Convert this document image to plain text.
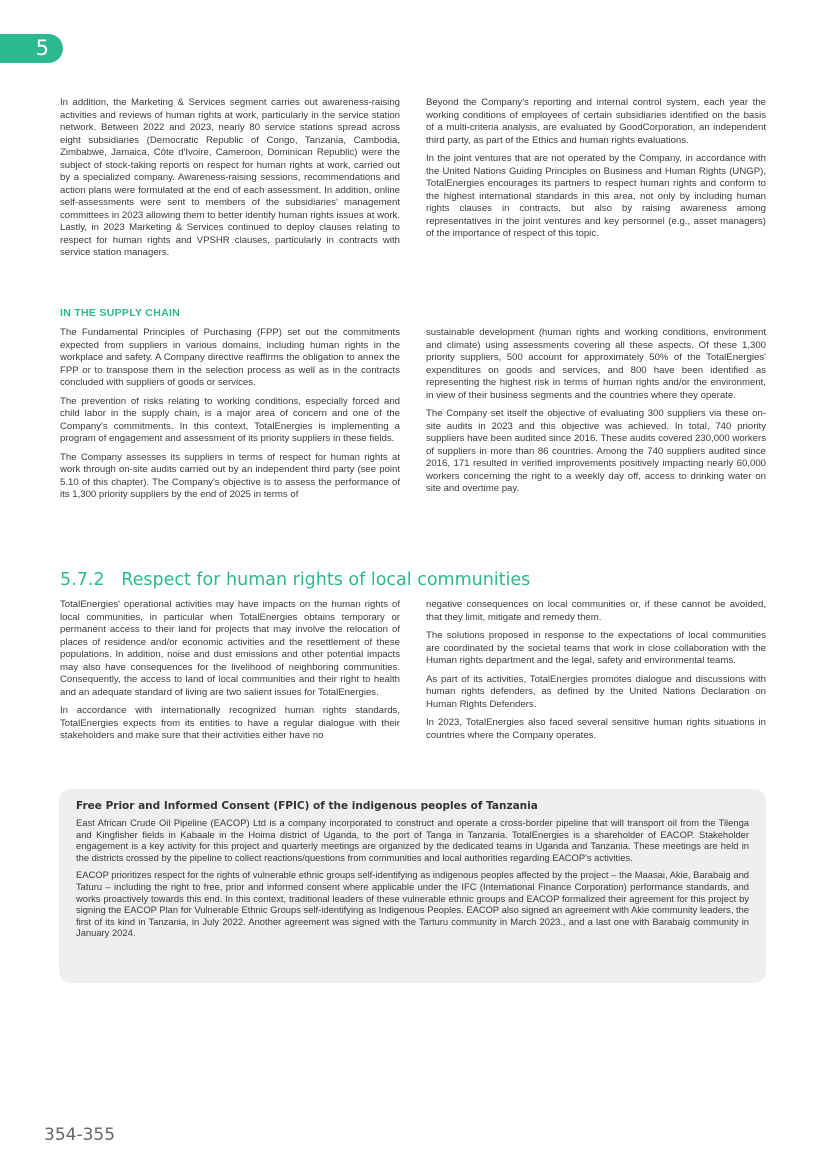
5

In addition, the Marketing & Services segment carries out awareness-raising activities and reviews of human rights at work, particularly in the service station network. Between 2022 and 2023, nearly 80 service stations spread across eight subsidiaries (Democratic Republic of Congo, Tanzania, Cambodia, Zimbabwe, Jamaica, Côte d'Ivoire, Cameroon, Dominican Republic) were the subject of stock-taking reports on respect for human rights at work, carried out by a specialized company. Awareness-raising sessions, recommendations and action plans were formulated at the end of each assessment. In addition, online self-assessments were sent to members of the subsidiaries' management committees in 2023 allowing them to better identify human rights issues at work. Lastly, in 2023 Marketing & Services continued to deploy clauses relating to respect for human rights and VPSHR clauses, particularly in contracts with service station managers.

Beyond the Company's reporting and internal control system, each year the working conditions of employees of certain subsidiaries identified on the basis of a multi-criteria analysis, are evaluated by GoodCorporation, an independent third party, as part of the Ethics and human rights evaluations.

In the joint ventures that are not operated by the Company, in accordance with the United Nations Guiding Principles on Business and Human Rights (UNGP), TotalEnergies encourages its partners to respect human rights and conform to the highest international standards in this area, not only by including human rights clauses in contracts, but also by raising awareness among representatives in the joint ventures and key personnel (e.g., asset managers) of the importance of respect of this topic.

IN THE SUPPLY CHAIN

The Fundamental Principles of Purchasing (FPP) set out the commitments expected from suppliers in various domains, including human rights in the workplace and safety. A Company directive reaffirms the obligation to annex the FPP or to transpose them in the selection process as well as in the contracts concluded with suppliers of goods or services.

The prevention of risks relating to working conditions, especially forced and child labor in the supply chain, is a major area of concern and one of the Company's commitments. In this context, TotalEnergies is implementing a program of engagement and assessment of its priority suppliers in these fields.

The Company assesses its suppliers in terms of respect for human rights at work through on-site audits carried out by an independent third party (see point 5.10 of this chapter). The Company's objective is to assess the performance of its 1,300 priority suppliers by the end of 2025 in terms of

sustainable development (human rights and working conditions, environment and climate) using assessments covering all these aspects. Of these 1,300 priority suppliers, 500 account for approximately 50% of the TotalEnergies' expenditures on goods and services, and 800 have been identified as representing the highest risk in terms of human rights and/or the environment, in view of their business segments and the countries where they operate.

The Company set itself the objective of evaluating 300 suppliers via these on-site audits in 2023 and this objective was achieved. In total, 740 priority suppliers have been audited since 2016. These audits covered 230,000 workers of suppliers in more than 86 countries. Among the 740 suppliers audited since 2016, 171 resulted in verified improvements positively impacting nearly 60,000 workers concerning the right to a weekly day off, access to drinking water on site and overtime pay.

5.7.2   Respect for human rights of local communities

TotalEnergies' operational activities may have impacts on the human rights of local communities, in particular when TotalEnergies obtains temporary or permanent access to their land for projects that may involve the relocation of places of residence and/or economic activities and the resettlement of these populations. In addition, noise and dust emissions and other potential impacts may also have consequences for the livelihood of neighboring communities. Consequently, the access to land of local communities and their right to health and an adequate standard of living are two salient issues for TotalEnergies.

In accordance with internationally recognized human rights standards, TotalEnergies expects from its entities to have a regular dialogue with their stakeholders and make sure that their activities either have no

negative consequences on local communities or, if these cannot be avoided, that they limit, mitigate and remedy them.

The solutions proposed in response to the expectations of local communities are coordinated by the societal teams that work in close collaboration with the Human rights department and the legal, safety and environmental teams.

As part of its activities, TotalEnergies promotes dialogue and discussions with human rights defenders, as defined by the United Nations Declaration on Human Rights Defenders.

In 2023, TotalEnergies also faced several sensitive human rights situations in countries where the Company operates.

Free Prior and Informed Consent (FPIC) of the indigenous peoples of Tanzania

East African Crude Oil Pipeline (EACOP) Ltd is a company incorporated to construct and operate a cross-border pipeline that will transport oil from the Tilenga and Kingfisher fields in Kabaale in the Hoima district of Uganda, to the port of Tanga in Tanzania. TotalEnergies is a shareholder of EACOP. Stakeholder engagement is a key activity for this project and quarterly meetings are organized by the dedicated teams in Uganda and Tanzania. These meetings are held in the districts crossed by the pipeline to collect reactions/questions from communities and local authorities regarding EACOP's activities.

EACOP prioritizes respect for the rights of vulnerable ethnic groups self-identifying as indigenous peoples affected by the project – the Maasai, Akie, Barabaig and Taturu – including the right to free, prior and informed consent where applicable under the IFC (International Finance Corporation) performance standards, and works proactively towards this end. In this context, traditional leaders of these vulnerable ethnic groups and EACOP formalized their agreement for this project by signing the EACOP Plan for Vulnerable Ethnic Groups self-identifying as Indigenous Peoples. EACOP also signed an agreement with Akie community leaders, the first of its kind in Tanzania, in July 2022. Another agreement was signed with the Tarturu community in March 2023., and a last one with Barabaig community in January 2024.

354-355
